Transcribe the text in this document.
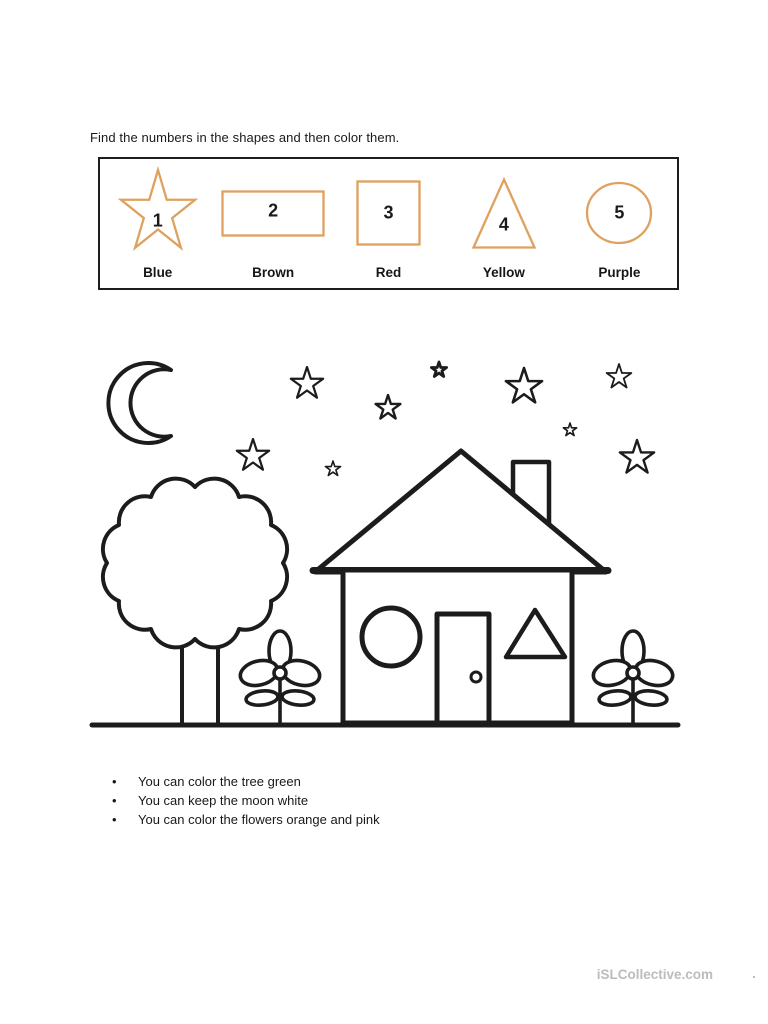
Find the numbers in the shapes and then color them.
1
Blue
2
Brown
3
Red
4
Yellow
5
Purple
• You can color the tree green
• You can keep the moon white
• You can color the flowers orange and pink
iSLCollective.com	.
